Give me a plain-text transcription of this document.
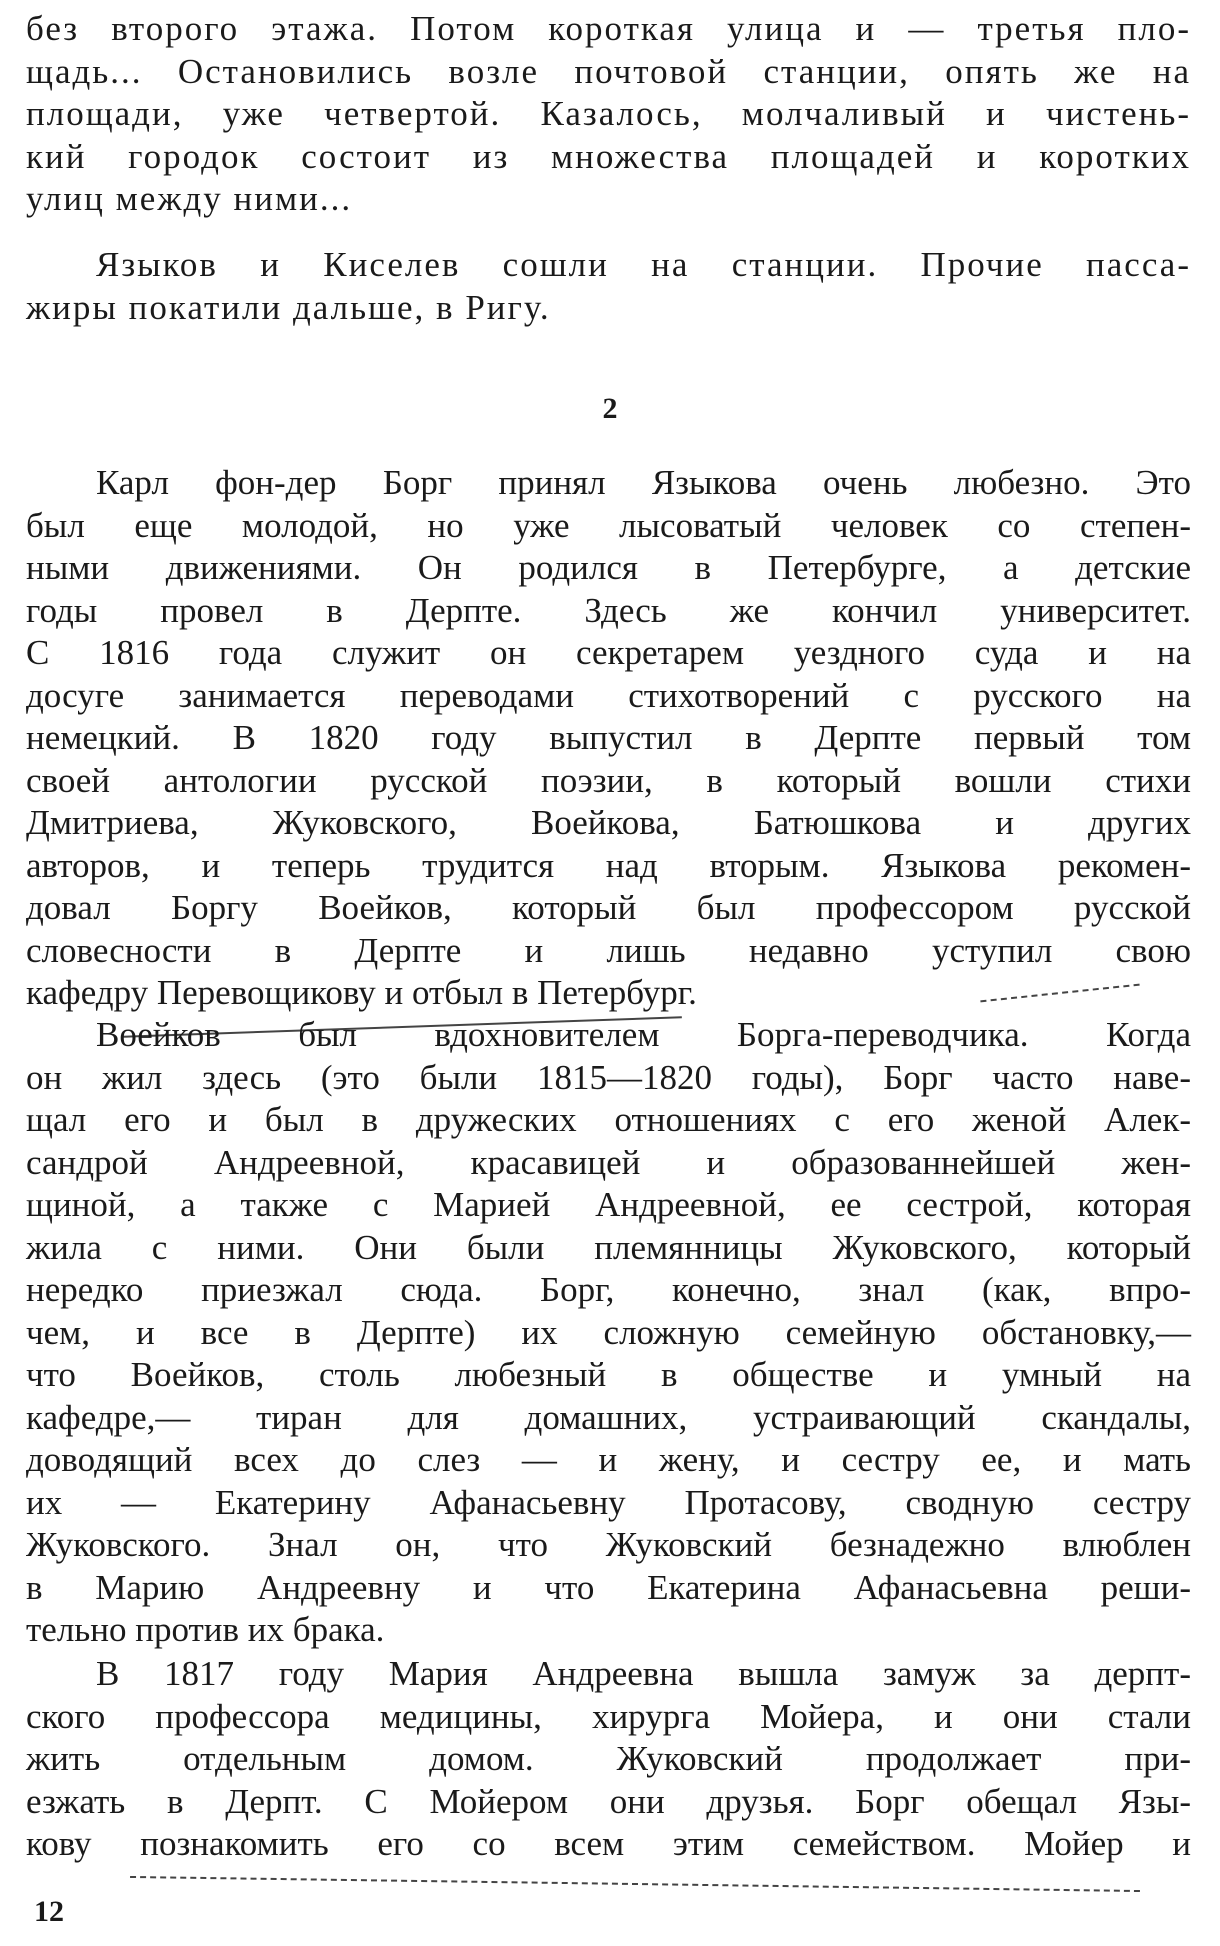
без второго этажа. Потом короткая улица и — третья пло-
щадь... Остановились возле почтовой станции, опять же на
площади, уже четвертой. Казалось, молчаливый и чистень-
кий городок состоит из множества площадей и коротких
улиц между ними...
Языков и Киселев сошли на станции. Прочие пасса-
жиры покатили дальше, в Ригу.
2
Карл фон-дер Борг принял Языкова очень любезно. Это
был еще молодой, но уже лысоватый человек со степен-
ными движениями. Он родился в Петербурге, а детские
годы провел в Дерпте. Здесь же кончил университет.
С 1816 года служит он секретарем уездного суда и на
досуге занимается переводами стихотворений с русского на
немецкий. В 1820 году выпустил в Дерпте первый том
своей антологии русской поэзии, в который вошли стихи
Дмитриева, Жуковского, Воейкова, Батюшкова и других
авторов, и теперь трудится над вторым. Языкова рекомен-
довал Боргу Воейков, который был профессором русской
словесности в Дерпте и лишь недавно уступил свою
кафедру Перевощикову и отбыл в Петербург.
Воейков был вдохновителем Борга-переводчика. Когда
он жил здесь (это были 1815—1820 годы), Борг часто наве-
щал его и был в дружеских отношениях с его женой Алек-
сандрой Андреевной, красавицей и образованнейшей жен-
щиной, а также с Марией Андреевной, ее сестрой, которая
жила с ними. Они были племянницы Жуковского, который
нередко приезжал сюда. Борг, конечно, знал (как, впро-
чем, и все в Дерпте) их сложную семейную обстановку,—
что Воейков, столь любезный в обществе и умный на
кафедре,— тиран для домашних, устраивающий скандалы,
доводящий всех до слез — и жену, и сестру ее, и мать
их — Екатерину Афанасьевну Протасову, сводную сестру
Жуковского. Знал он, что Жуковский безнадежно влюблен
в Марию Андреевну и что Екатерина Афанасьевна реши-
тельно против их брака.
В 1817 году Мария Андреевна вышла замуж за дерпт-
ского профессора медицины, хирурга Мойера, и они стали
жить отдельным домом. Жуковский продолжает при-
езжать в Дерпт. С Мойером они друзья. Борг обещал Язы-
кову познакомить его со всем этим семейством. Мойер и
12
